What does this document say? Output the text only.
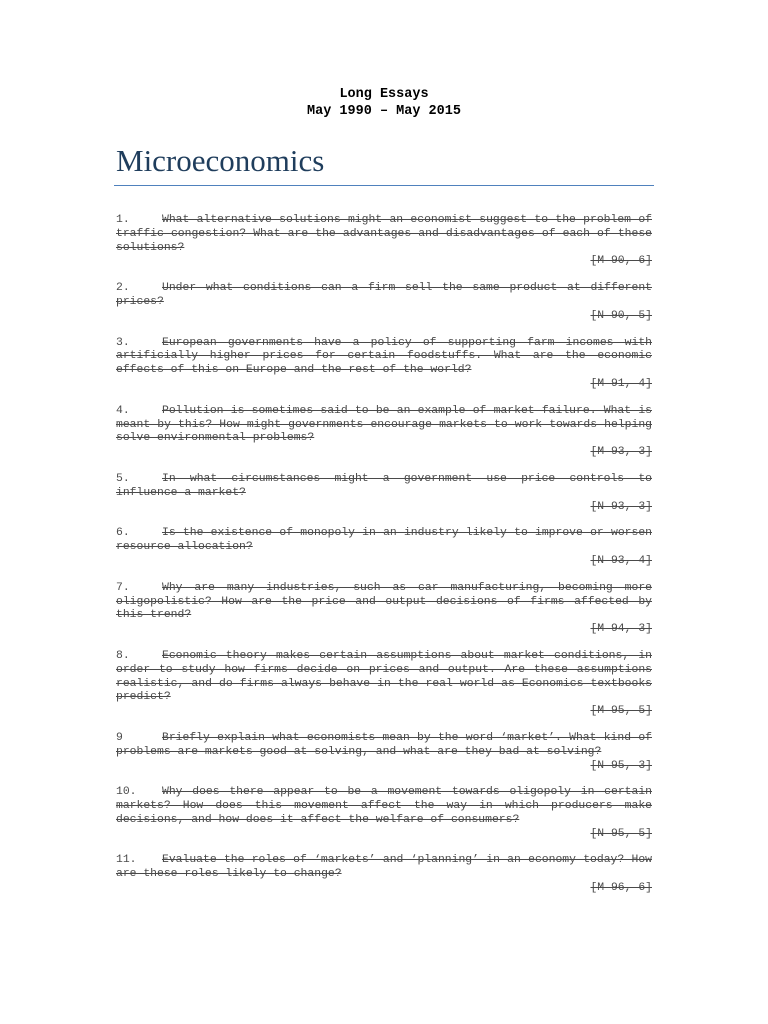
Long Essays
May 1990 – May 2015
Microeconomics
1.	What alternative solutions might an economist suggest to the problem of traffic congestion? What are the advantages and disadvantages of each of these solutions?
[M 90, 6]
2.	Under what conditions can a firm sell the same product at different prices?
[N 90, 5]
3.	European governments have a policy of supporting farm incomes with artificially higher prices for certain foodstuffs. What are the economic effects of this on Europe and the rest of the world?
[M 91, 4]
4.	Pollution is sometimes said to be an example of market failure. What is meant by this? How might governments encourage markets to work towards helping solve environmental problems?
[M 93, 3]
5.	In what circumstances might a government use price controls to influence a market?
[N 93, 3]
6.	Is the existence of monopoly in an industry likely to improve or worsen resource allocation?
[N 93, 4]
7.	Why are many industries, such as car manufacturing, becoming more oligopolistic? How are the price and output decisions of firms affected by this trend?
[M 94, 3]
8.	Economic theory makes certain assumptions about market conditions, in order to study how firms decide on prices and output. Are these assumptions realistic, and do firms always behave in the real world as Economics textbooks predict?
[M 95, 5]
9	Briefly explain what economists mean by the word ‘market’. What kind of problems are markets good at solving, and what are they bad at solving?
[N 95, 3]
10. Why does there appear to be a movement towards oligopoly in certain markets? How does this movement affect the way in which producers make decisions, and how does it affect the welfare of consumers?
[N 95, 5]
11. Evaluate the roles of ‘markets’ and ‘planning’ in an economy today? How are these roles likely to change?
[M 96, 6]
